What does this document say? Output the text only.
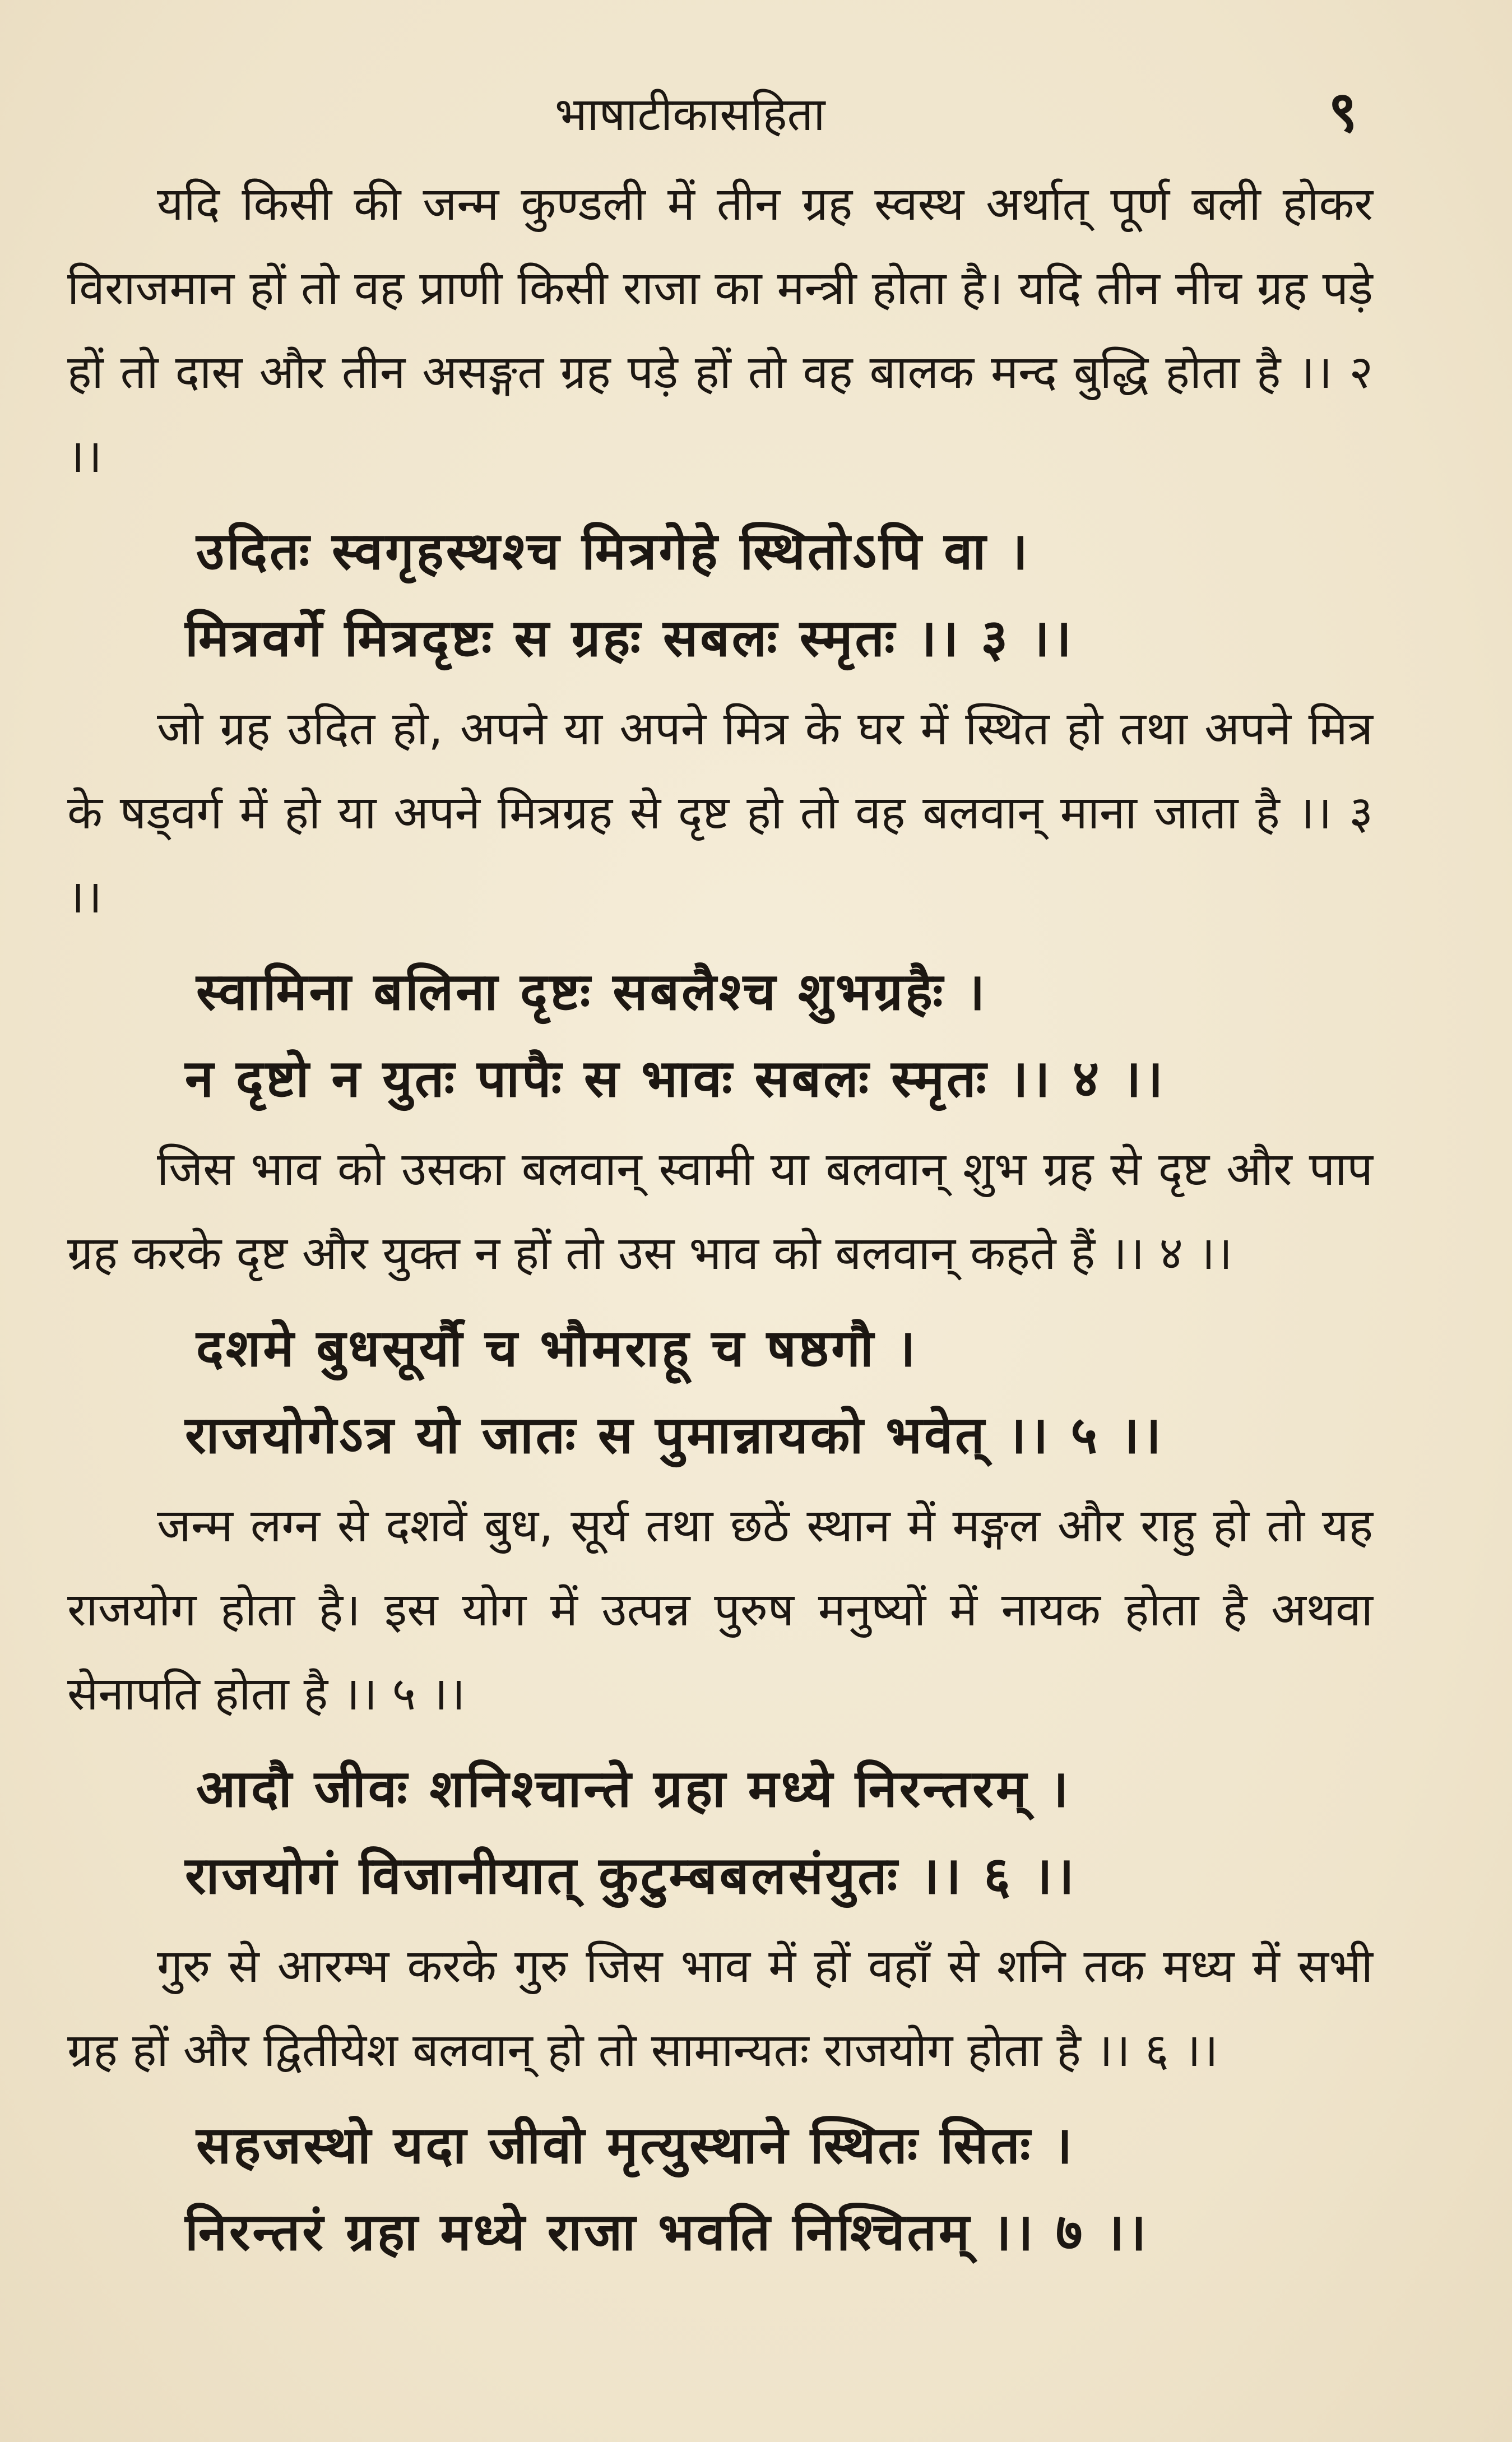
भाषाटीकासहिता	९

यदि किसी की जन्म कुण्डली में तीन ग्रह स्वस्थ अर्थात् पूर्ण बली होकर विराजमान हों तो वह प्राणी किसी राजा का मन्त्री होता है। यदि तीन नीच ग्रह पड़े हों तो दास और तीन असङ्गत ग्रह पड़े हों तो वह बालक मन्द बुद्धि होता है ।। २ ।।

उदितः स्वगृहस्थश्च मित्रगेहे स्थितोऽपि वा ।
मित्रवर्गे मित्रदृष्टः स ग्रहः सबलः स्मृतः ।। ३ ।।

जो ग्रह उदित हो, अपने या अपने मित्र के घर में स्थित हो तथा अपने मित्र के षड्वर्ग में हो या अपने मित्रग्रह से दृष्ट हो तो वह बलवान् माना जाता है ।। ३ ।।

स्वामिना बलिना दृष्टः सबलैश्च शुभग्रहैः ।
न दृष्टो न युतः पापैः स भावः सबलः स्मृतः ।। ४ ।।

जिस भाव को उसका बलवान् स्वामी या बलवान् शुभ ग्रह से दृष्ट और पाप ग्रह करके दृष्ट और युक्त न हों तो उस भाव को बलवान् कहते हैं ।। ४ ।।

दशमे बुधसूर्यौ च भौमराहू च षष्ठगौ ।
राजयोगेऽत्र यो जातः स पुमान्नायको भवेत् ।। ५ ।।

जन्म लग्न से दशवें बुध, सूर्य तथा छठें स्थान में मङ्गल और राहु हो तो यह राजयोग होता है। इस योग में उत्पन्न पुरुष मनुष्यों में नायक होता है अथवा सेनापति होता है ।। ५ ।।

आदौ जीवः शनिश्चान्ते ग्रहा मध्ये निरन्तरम् ।
राजयोगं विजानीयात् कुटुम्बबलसंयुतः ।। ६ ।।

गुरु से आरम्भ करके गुरु जिस भाव में हों वहाँ से शनि तक मध्य में सभी ग्रह हों और द्वितीयेश बलवान् हो तो सामान्यतः राजयोग होता है ।। ६ ।।

सहजस्थो यदा जीवो मृत्युस्थाने स्थितः सितः ।
निरन्तरं ग्रहा मध्ये राजा भवति निश्चितम् ।। ७ ।।
